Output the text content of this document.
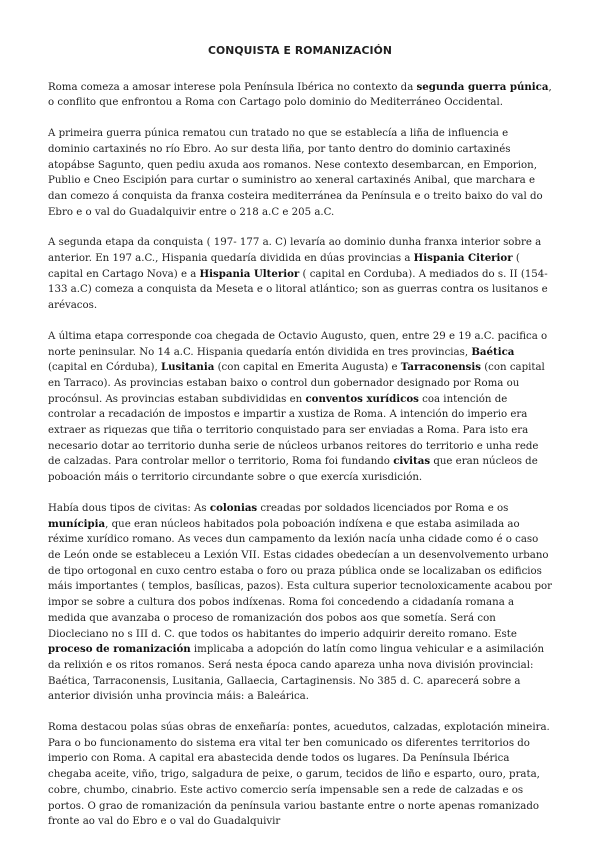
CONQUISTA E ROMANIZACIÓN

Roma comeza a amosar interese pola Península Ibérica no contexto da segunda guerra púnica, o conflito que enfrontou a Roma con Cartago polo dominio do Mediterráneo Occidental.

A primeira guerra púnica rematou cun tratado no que se establecía a liña de influencia e dominio cartaxinés no río Ebro. Ao sur desta liña, por tanto dentro do dominio cartaxinés atopábse Sagunto, quen pediu axuda aos romanos. Nese contexto desembarcan, en Emporion, Publio e Cneo Escipión para curtar o suministro ao xeneral cartaxinés Anibal, que marchara e dan comezo á conquista da franxa costeira mediterránea da Península e o treito baixo do val do Ebro e o val do Guadalquivir entre o 218 a.C e 205 a.C.

A segunda etapa da conquista ( 197- 177 a. C) levaría ao dominio dunha franxa interior sobre a anterior. En 197 a.C., Hispania quedaría dividida en dúas provincias a Hispania Citerior ( capital en Cartago Nova) e a Hispania Ulterior ( capital en Corduba). A mediados do s. II (154-133 a.C) comeza a conquista da Meseta e o litoral atlántico; son as guerras contra os lusitanos e arévacos.

A última etapa corresponde coa chegada de Octavio Augusto, quen, entre 29 e 19 a.C. pacifica o norte peninsular. No 14 a.C. Hispania quedaría entón dividida en tres provincias, Baética (capital en Córduba), Lusitania (con capital en Emerita Augusta) e Tarraconensis (con capital en Tarraco). As provincias estaban baixo o control dun gobernador designado por Roma ou procónsul. As provincias estaban subdivididas en conventos xurídicos coa intención de controlar a recadación de impostos e impartir a xustiza de Roma. A intención do imperio era extraer as riquezas que tiña o territorio conquistado para ser enviadas a Roma. Para isto era necesario dotar ao territorio dunha serie de núcleos urbanos reitores do territorio e unha rede de calzadas. Para controlar mellor o territorio, Roma foi fundando civitas que eran núcleos de poboación máis o territorio circundante sobre o que exercía xurisdición.

Había dous tipos de civitas: As colonias creadas por soldados licenciados por Roma e os munícipia, que eran núcleos habitados pola poboación indíxena e que estaba asimilada ao réxime xurídico romano. As veces dun campamento da lexión nacía unha cidade como é o caso de León onde se estableceu a Lexión VII. Estas cidades obedecían a un desenvolvemento urbano de tipo ortogonal en cuxo centro estaba o foro ou praza pública onde se localizaban os edificios máis importantes ( templos, basílicas, pazos). Esta cultura superior tecnoloxicamente acabou por impor se sobre a cultura dos pobos indíxenas. Roma foi concedendo a cidadanía romana a medida que avanzaba o proceso de romanización dos pobos aos que sometía. Será con Diocleciano no s III d. C. que todos os habitantes do imperio adquirir dereito romano. Este proceso de romanización implicaba a adopción do latín como lingua vehicular e a asimilación da relixión e os ritos romanos. Será nesta época cando apareza unha nova división provincial: Baética, Tarraconensis, Lusitania, Gallaecia, Cartaginensis. No 385 d. C. aparecerá sobre a anterior división unha provincia máis: a Baleárica.

Roma destacou polas súas obras de enxeñaría: pontes, acuedutos, calzadas, explotación mineira. Para o bo funcionamento do sistema era vital ter ben comunicado os diferentes territorios do imperio con Roma. A capital era abastecida dende todos os lugares. Da Península Ibérica chegaba aceite, viño, trigo, salgadura de peixe, o garum, tecidos de liño e esparto, ouro, prata, cobre, chumbo, cinabrio. Este activo comercio sería impensable sen a rede de calzadas e os portos. O grao de romanización da península variou bastante entre o norte apenas romanizado fronte ao val do Ebro e o val do Guadalquivir
